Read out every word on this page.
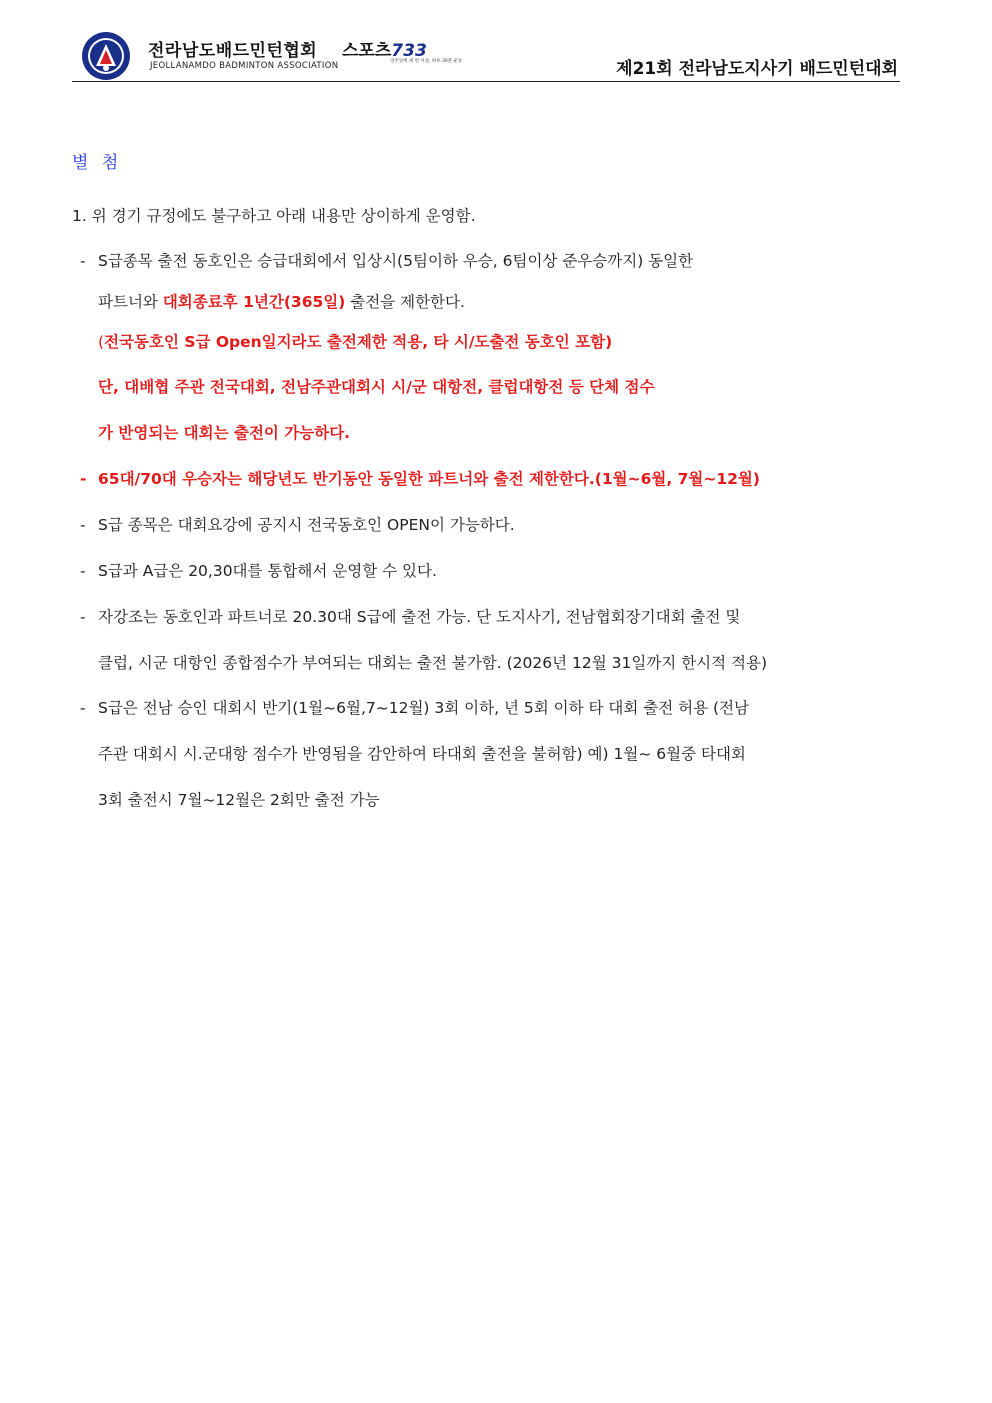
전라남도배드민턴협회
JEOLLANAMDO BADMINTON ASSOCIATION
스포츠733
일주일에 세 번 이상, 하루 30분 운동	제21회 전라남도지사기 배드민턴대회
별 첨
1. 위 경기 규정에도 불구하고 아래 내용만 상이하게 운영함.
- S급종목 출전 동호인은 승급대회에서 입상시(5팀이하 우승, 6팀이상 준우승까지) 동일한
파트너와 대회종료후 1년간(365일) 출전을 제한한다.
(전국동호인 S급 Open일지라도 출전제한 적용, 타 시/도출전 동호인 포함)
단, 대배협 주관 전국대회, 전남주관대회시 시/군 대항전, 클럽대항전 등 단체 점수
가 반영되는 대회는 출전이 가능하다.
- 65대/70대 우승자는 해당년도 반기동안 동일한 파트너와 출전 제한한다.(1월~6월, 7월~12월)
- S급 종목은 대회요강에 공지시 전국동호인 OPEN이 가능하다.
- S급과 A급은 20,30대를 통합해서 운영할 수 있다.
- 자강조는 동호인과 파트너로 20.30대 S급에 출전 가능. 단 도지사기, 전남협회장기대회 출전 및
클럽, 시군 대항인 종합점수가 부여되는 대회는 출전 불가함. (2026년 12월 31일까지 한시적 적용)
- S급은 전남 승인 대회시 반기(1월~6월,7~12월) 3회 이하, 년 5회 이하 타 대회 출전 허용 (전남
주관 대회시 시.군대항 점수가 반영됨을 감안하여 타대회 출전을 불허함) 예) 1월~ 6월중 타대회
3회 출전시 7월~12월은 2회만 출전 가능
